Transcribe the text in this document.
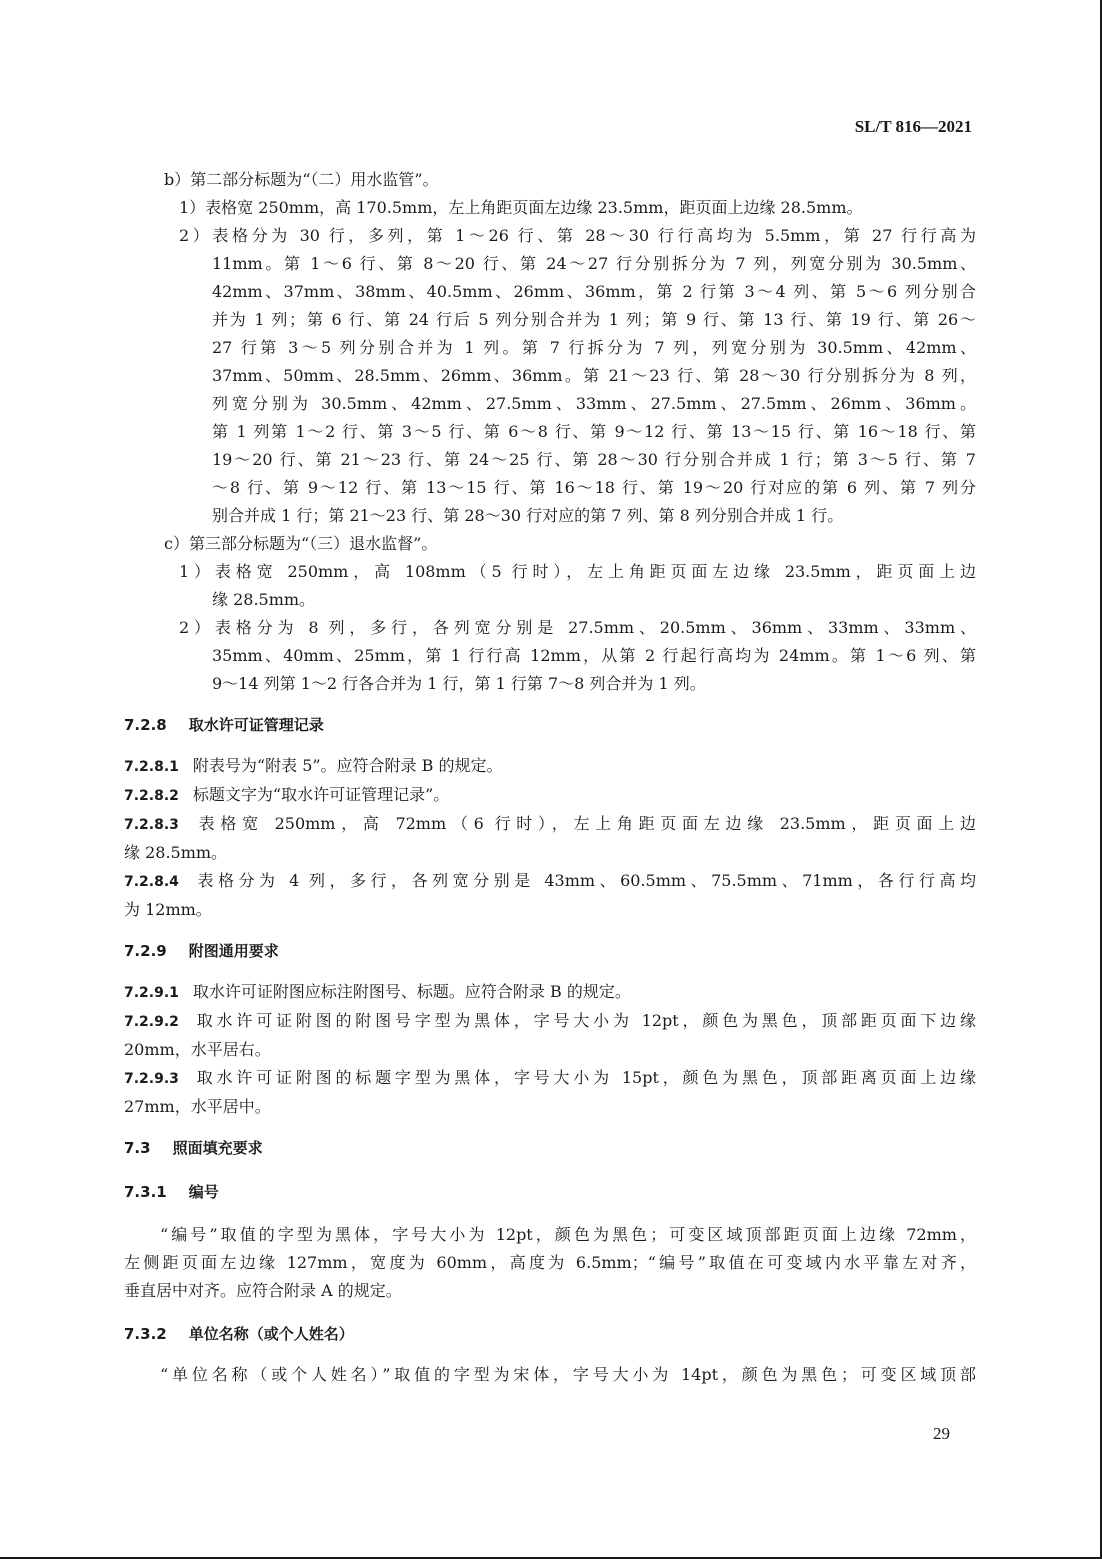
SL/T 816—2021
b）第二部分标题为“（二）用水监管”。
1）表格宽 250mm，高 170.5mm，左上角距页面左边缘 23.5mm，距页面上边缘 28.5mm。
2）表格分为 30 行，多列，第 1～26 行、第 28～30 行行高均为 5.5mm，第 27 行行高为
11mm。第 1～6 行、第 8～20 行、第 24～27 行分别拆分为 7 列，列宽分别为 30.5mm、
42mm、37mm、38mm、40.5mm、26mm、36mm，第 2 行第 3～4 列、第 5～6 列分别合
并为 1 列；第 6 行、第 24 行后 5 列分别合并为 1 列；第 9 行、第 13 行、第 19 行、第 26～
27 行第 3～5 列分别合并为 1 列。第 7 行拆分为 7 列，列宽分别为 30.5mm、42mm、
37mm、50mm、28.5mm、26mm、36mm。第 21～23 行、第 28～30 行分别拆分为 8 列，
列宽分别为 30.5mm、42mm、27.5mm、33mm、27.5mm、27.5mm、26mm、36mm。
第 1 列第 1～2 行、第 3～5 行、第 6～8 行、第 9～12 行、第 13～15 行、第 16～18 行、第
19～20 行、第 21～23 行、第 24～25 行、第 28～30 行分别合并成 1 行；第 3～5 行、第 7
～8 行、第 9～12 行、第 13～15 行、第 16～18 行、第 19～20 行对应的第 6 列、第 7 列分
别合并成 1 行；第 21～23 行、第 28～30 行对应的第 7 列、第 8 列分别合并成 1 行。
c）第三部分标题为“（三）退水监督”。
1）表格宽 250mm，高 108mm（5 行时），左上角距页面左边缘 23.5mm，距页面上边
缘 28.5mm。
2）表格分为 8 列，多行，各列宽分别是 27.5mm、20.5mm、36mm、33mm、33mm、
35mm、40mm、25mm，第 1 行行高 12mm，从第 2 行起行高均为 24mm。第 1～6 列、第
9～14 列第 1～2 行各合并为 1 行，第 1 行第 7～8 列合并为 1 列。
7.2.8 取水许可证管理记录
7.2.8.1 附表号为“附表 5”。应符合附录 B 的规定。
7.2.8.2 标题文字为“取水许可证管理记录”。
7.2.8.3 表格宽 250mm，高 72mm（6 行时），左上角距页面左边缘 23.5mm，距页面上边
缘 28.5mm。
7.2.8.4 表格分为 4 列，多行，各列宽分别是 43mm、60.5mm、75.5mm、71mm，各行行高均
为 12mm。
7.2.9 附图通用要求
7.2.9.1 取水许可证附图应标注附图号、标题。应符合附录 B 的规定。
7.2.9.2 取水许可证附图的附图号字型为黑体，字号大小为 12pt，颜色为黑色，顶部距页面下边缘
20mm，水平居右。
7.2.9.3 取水许可证附图的标题字型为黑体，字号大小为 15pt，颜色为黑色，顶部距离页面上边缘
27mm，水平居中。
7.3 照面填充要求
7.3.1 编号
“编号”取值的字型为黑体，字号大小为 12pt，颜色为黑色；可变区域顶部距页面上边缘 72mm，
左侧距页面左边缘 127mm，宽度为 60mm，高度为 6.5mm；“编号”取值在可变域内水平靠左对齐，
垂直居中对齐。应符合附录 A 的规定。
7.3.2 单位名称（或个人姓名）
“单位名称（或个人姓名）”取值的字型为宋体，字号大小为 14pt，颜色为黑色；可变区域顶部
29
